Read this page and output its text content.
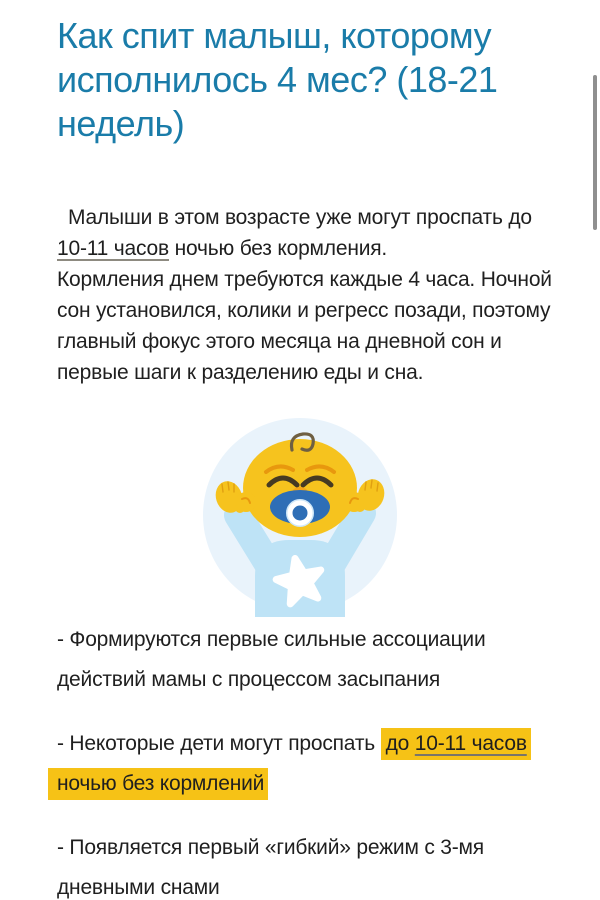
Как спит малыш, которому
исполнилось 4 мес? (18-21
недель)
Малыши в этом возрасте уже могут проспать до
10-11 часов ночью без кормления.
Кормления днем требуются каждые 4 часа. Ночной
сон установился, колики и регресс позади, поэтому
главный фокус этого месяца на дневной сон и
первые шаги к разделению еды и сна.
- Формируются первые сильные ассоциации
действий мамы с процессом засыпания
- Некоторые дети могут проспать до 10-11 часов
ночью без кормлений
- Появляется первый «гибкий» режим с 3-мя
дневными снами
